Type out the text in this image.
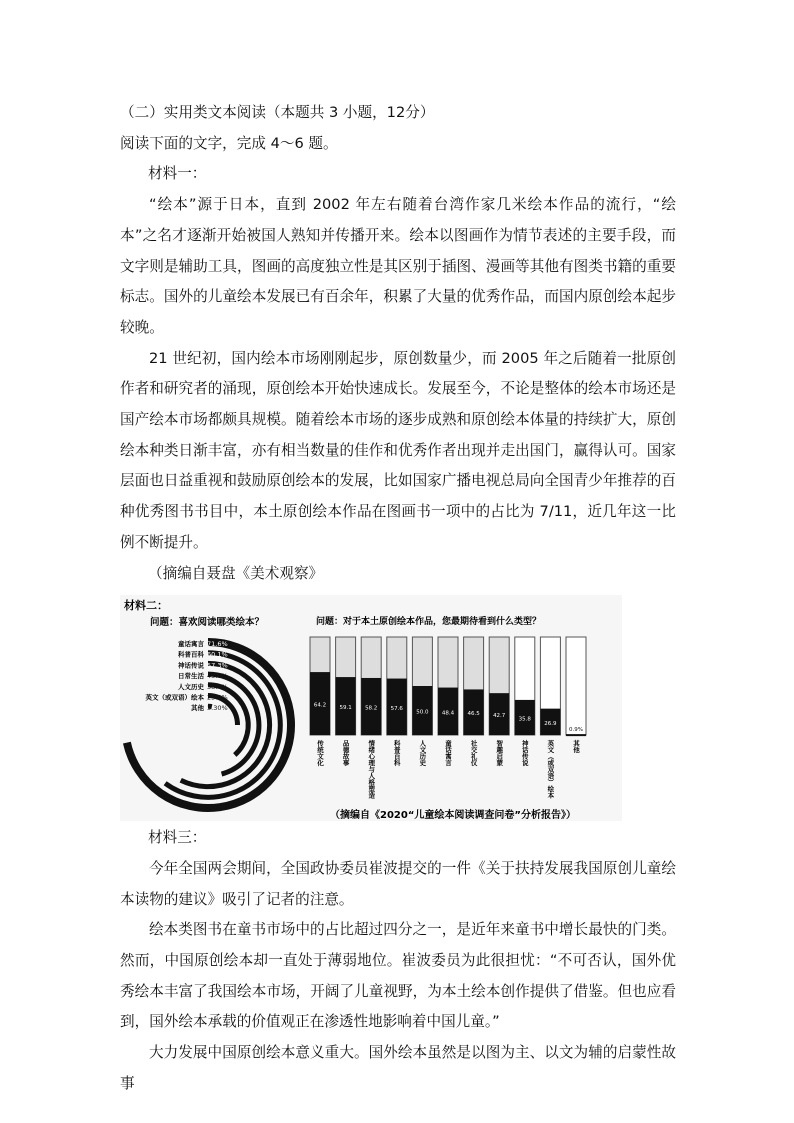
（二）实用类文本阅读（本题共 3 小题，12分）

阅读下面的文字，完成 4～6 题。

材料一：

“绘本”源于日本，直到 2002 年左右随着台湾作家几米绘本作品的流行，“绘本”之名才逐渐开始被国人熟知并传播开来。绘本以图画作为情节表述的主要手段，而文字则是辅助工具，图画的高度独立性是其区别于插图、漫画等其他有图类书籍的重要标志。国外的儿童绘本发展已有百余年，积累了大量的优秀作品，而国内原创绘本起步较晚。

21 世纪初，国内绘本市场刚刚起步，原创数量少，而 2005 年之后随着一批原创作者和研究者的涌现，原创绘本开始快速成长。发展至今，不论是整体的绘本市场还是国产绘本市场都颇具规模。随着绘本市场的逐步成熟和原创绘本体量的持续扩大，原创绘本种类日渐丰富，亦有相当数量的佳作和优秀作者出现并走出国门，赢得认可。国家层面也日益重视和鼓励原创绘本的发展，比如国家广播电视总局向全国青少年推荐的百种优秀图书书目中，本土原创绘本作品在图画书一项中的占比为 7/11，近几年这一比例不断提升。

（摘编自聂盘《美术观察》

材料二：
问题：喜欢阅读哪类绘本？
童话寓言 71.6%
科普百科 60.1%
神话传说 57.3%
日常生活 45.7%
人文历史 38.4%
英文（或双语）绘本 25.0%
其他 3.30%
问题：对于本土原创绘本作品，您最期待看到什么类型？
64.2
传统文化
59.1
品德故事
58.2
情绪心理与人格塑造
57.6
科普百科
50.0
人文历史
48.4
童话寓言
46.5
社交礼仪
42.7
智趣启蒙
35.8
神话传说
26.9
英文（或双语）绘本
0.9%
其他
（摘编自《2020“儿童绘本阅读调查问卷”分析报告》）

材料三：

今年全国两会期间，全国政协委员崔波提交的一件《关于扶持发展我国原创儿童绘本读物的建议》吸引了记者的注意。

绘本类图书在童书市场中的占比超过四分之一，是近年来童书中增长最快的门类。然而，中国原创绘本却一直处于薄弱地位。崔波委员为此很担忧：“不可否认，国外优秀绘本丰富了我国绘本市场，开阔了儿童视野，为本土绘本创作提供了借鉴。但也应看到，国外绘本承载的价值观正在渗透性地影响着中国儿童。”

大力发展中国原创绘本意义重大。国外绘本虽然是以图为主、以文为辅的启蒙性故事
